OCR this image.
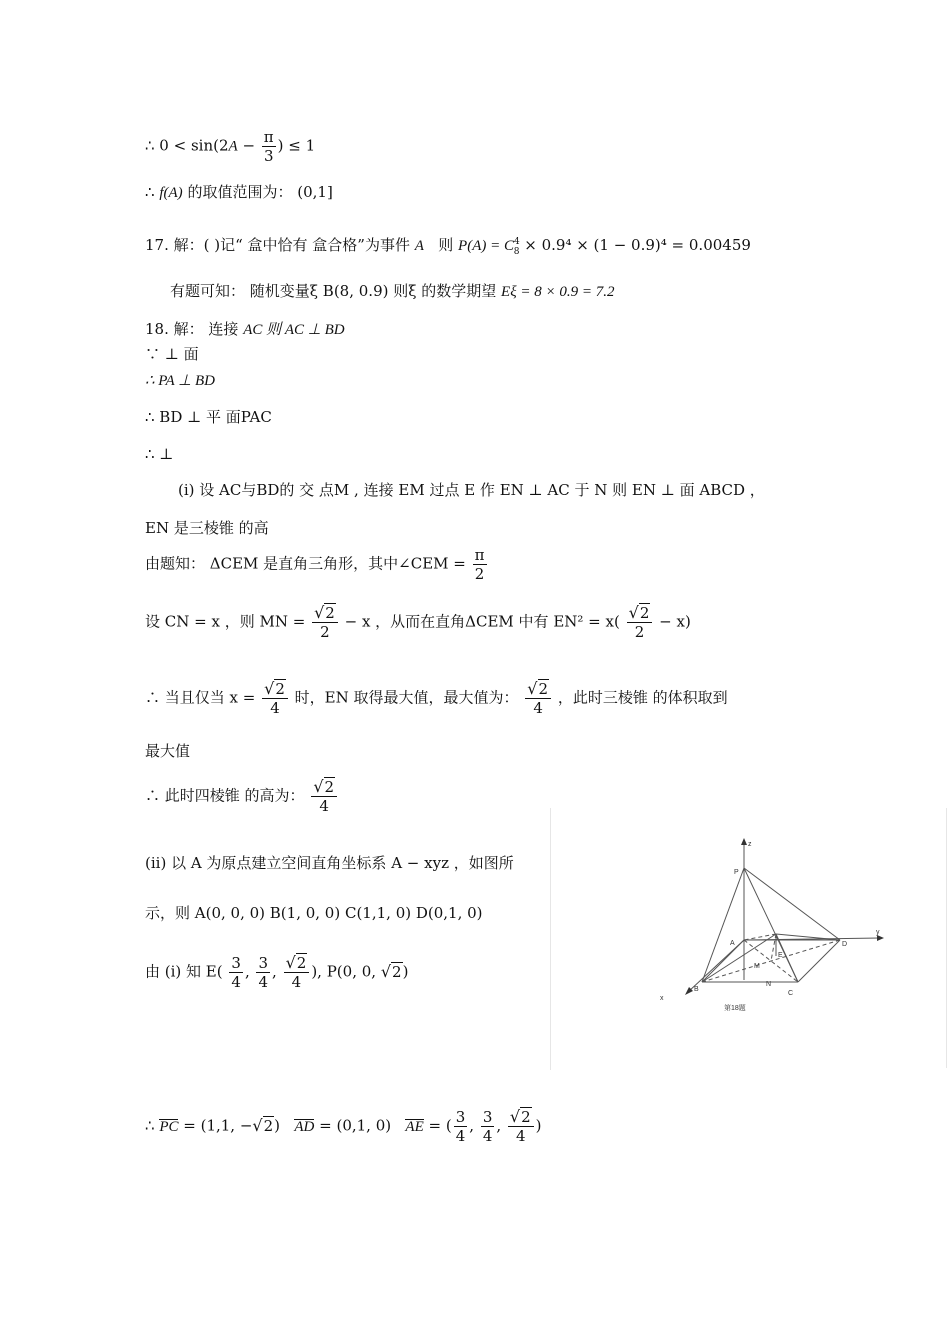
∴ $0 < \sin(2A - \frac{\pi}{3}$ ) ≤ 1
∴ f(A) 的取值范围为： (0,1]
17. 解：( )记“ 盒中恰有 盒合格”为事件 A 则 $P(A) = C^4_8 \times 0.9^4 \times (1 - 0.9)^4 = 0.00459$
有题可知： 随机变量ξ B(8, 0.9) 则ξ 的数学期望 Eξ = 8 × 0.9 = 7.2
18. 解： 连接 AC 则 AC ⊥ BD
∵ ⊥ 面
∴ PA ⊥ BD
∴ BD ⊥ 平 面PAC
∴ ⊥
(i) 设 AC与BD的 交 点M , 连接 EM 过点 E 作 EN ⊥ AC 于 N 则 EN ⊥ 面 ABCD ，
EN 是三棱锥 的高
由题知： ΔCEM 是直角三角形，其中∠CEM = $\frac{\pi}{2}$
设 CN = x ，则 MN = $\frac{√2}{2} - x$ ，从而在直角ΔCEM 中有 $EN^2 = x( \frac{√2}{2} - x)$
∴ 当且仅当 $x = \frac{√2}{4}$ 时，EN 取得最大值，最大值为： $\frac{√2}{4}$ ，此时三棱锥 的体积取到
最大值
∴ 此时四棱锥 的高为： $\frac{√2}{4}$
(ii) 以 A 为原点建立空间直角坐标系 A − xyz ，如图所
示，则 A(0, 0, 0) B(1, 0, 0) C(1,1, 0) D(0,1, 0)
由 (i) 知 $E( \frac{3}{4}$ , $\frac{3}{4}$ , $\frac{√2}{4}$ ), P(0, 0, √2)
∴ PC = (1,1, −√2) AD = (0,1, 0) AE = ( $\frac{3}{4}$ , $\frac{3}{4}$ , $\frac{√2}{4}$ )
z
y
x
P
A
B
C
D
E
M
N
第18题
